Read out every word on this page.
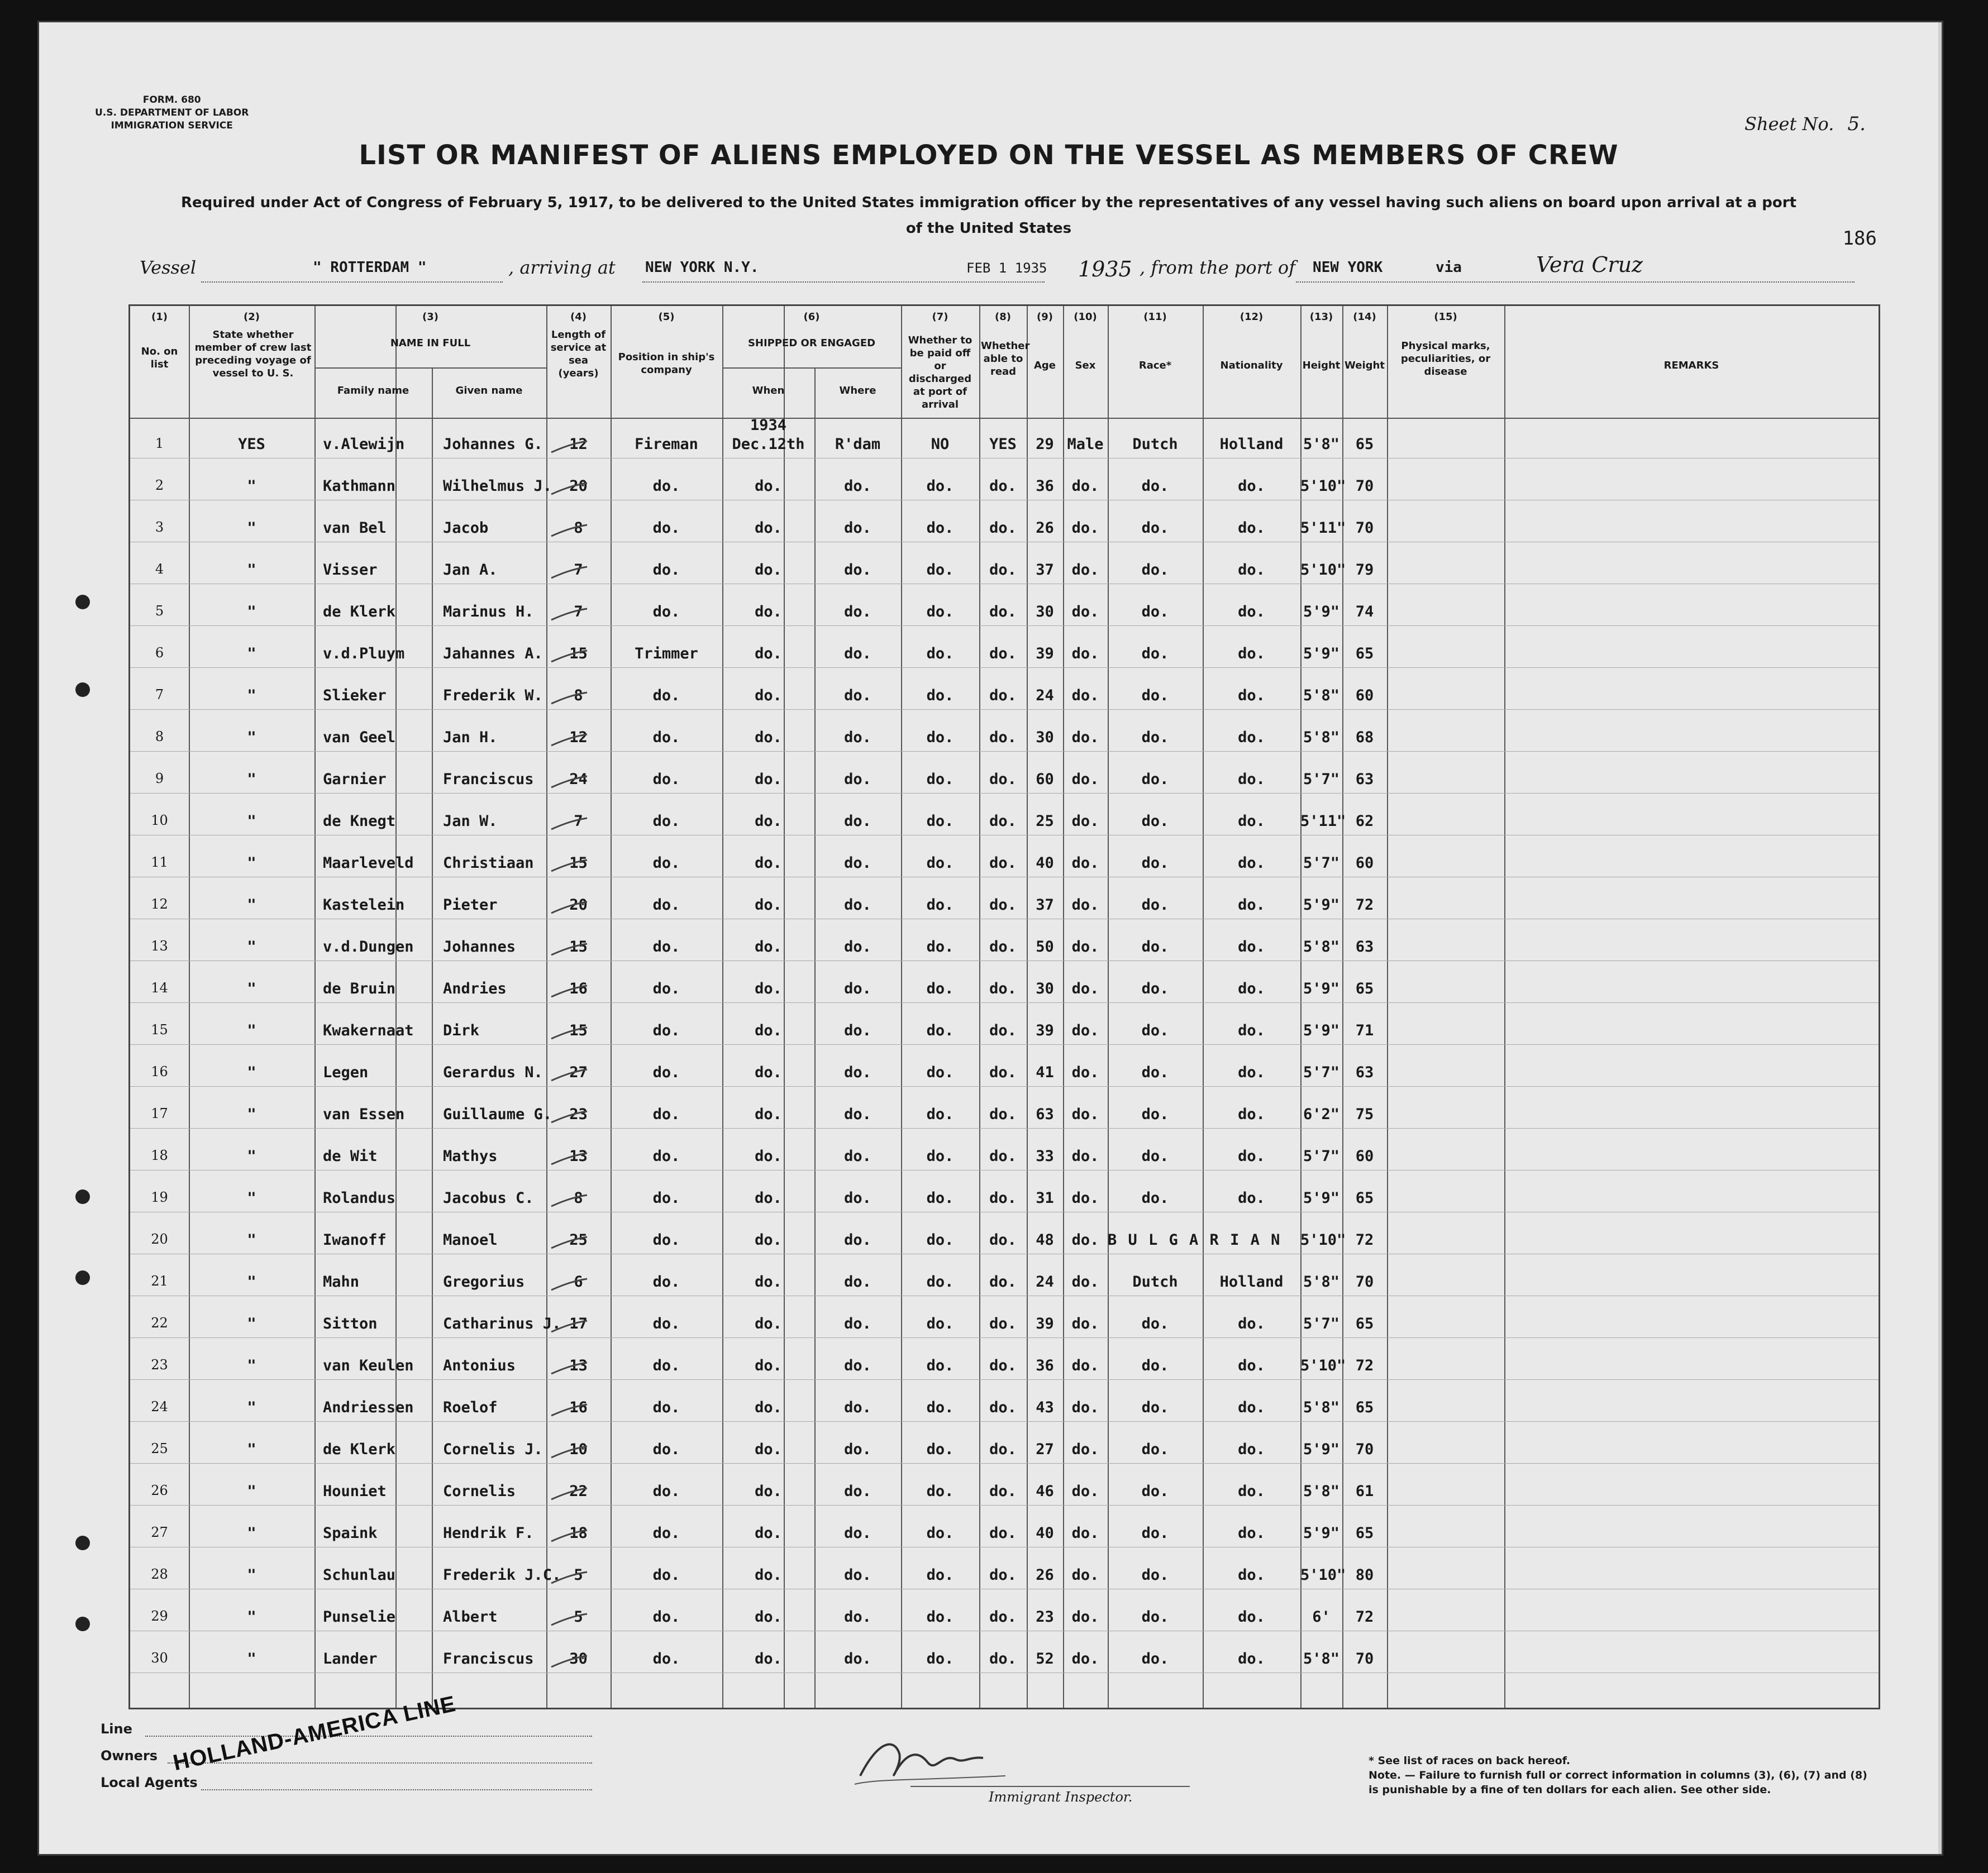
FORM. 680
U.S. DEPARTMENT OF LABOR
IMMIGRATION SERVICE	Sheet No. 5.
LIST OR MANIFEST OF ALIENS EMPLOYED ON THE VESSEL AS MEMBERS OF CREW
Required under Act of Congress of February 5, 1917, to be delivered to the United States immigration officer by the representatives of any vessel having such aliens on board upon arrival at a port
of the United States	186
Vessel	" ROTTERDAM "	, arriving at NEW YORK N.Y.	FEB 1 1935 1935 , from the port of NEW YORK	via	Vera Cruz
(1)	(2)	(3)	(4)	(5)	(6)	(7)	(8)	(9)	(10)	(11)	(12)	(13)	(14)	(15)
No. on list
State whether member of crew last preceding voyage of vessel to U. S.
NAME IN FULL
Family name	Given name
Length of service at sea (years)
Position in ship's company
SHIPPED OR ENGAGED
When	Where
Whether to be paid off or discharged at port of arrival
Whether able to read
Age	Sex	Race*	Nationality	Height Weight
Physical marks, peculiarities, or disease
REMARKS
1934
1	YES	v.Alewijn	Johannes G.	12	Fireman	Dec.12th	R'dam	NO	YES	29 Male	Dutch	Holland	5'8"	65
2	"	Kathmann	Wilhelmus J.	20	do.	do.	do.	do.	do.	36	do.	do.	do.	5'10" 70
3	"	van Bel	Jacob	8	do.	do.	do.	do.	do.	26	do.	do.	do.	5'11" 70
4	"	Visser	Jan A.	7	do.	do.	do.	do.	do.	37	do.	do.	do.	5'10" 79
5	"	de Klerk	Marinus H.	7	do.	do.	do.	do.	do.	30	do.	do.	do.	5'9"	74
6	"	v.d.Pluym	Jahannes A.	15	Trimmer	do.	do.	do.	do.	39	do.	do.	do.	5'9"	65
7	"	Slieker	Frederik W.	8	do.	do.	do.	do.	do.	24	do.	do.	do.	5'8"	60
8	"	van Geel	Jan H.	12	do.	do.	do.	do.	do.	30	do.	do.	do.	5'8"	68
9	"	Garnier	Franciscus	24	do.	do.	do.	do.	do.	60	do.	do.	do.	5'7"	63
10	"	de Knegt	Jan W.	7	do.	do.	do.	do.	do.	25	do.	do.	do.	5'11" 62
11	"	Maarleveld	Christiaan	15	do.	do.	do.	do.	do.	40	do.	do.	do.	5'7"	60
12	"	Kastelein	Pieter	20	do.	do.	do.	do.	do.	37	do.	do.	do.	5'9"	72
13	"	v.d.Dungen	Johannes	15	do.	do.	do.	do.	do.	50	do.	do.	do.	5'8"	63
14	"	de Bruin	Andries	16	do.	do.	do.	do.	do.	30	do.	do.	do.	5'9"	65
15	"	Kwakernaat	Dirk	15	do.	do.	do.	do.	do.	39	do.	do.	do.	5'9"	71
16	"	Legen	Gerardus N.	27	do.	do.	do.	do.	do.	41	do.	do.	do.	5'7"	63
17	"	van Essen	Guillaume G.	23	do.	do.	do.	do.	do.	63	do.	do.	do.	6'2"	75
18	"	de Wit	Mathys	13	do.	do.	do.	do.	do.	33	do.	do.	do.	5'7"	60
19	"	Rolandus	Jacobus C.	8	do.	do.	do.	do.	do.	31	do.	do.	do.	5'9"	65
20	"	Iwanoff	Manoel	25	do.	do.	do.	do.	do.	48	do. B U L G A R I A N	5'10" 72
21	"	Mahn	Gregorius	6	do.	do.	do.	do.	do.	24	do.	Dutch	Holland	5'8"	70
22	"	Sitton	Catharinus J. 17	do.	do.	do.	do.	do.	39	do.	do.	do.	5'7"	65
23	"	van Keulen	Antonius	13	do.	do.	do.	do.	do.	36	do.	do.	do.	5'10" 72
24	"	Andriessen	Roelof	16	do.	do.	do.	do.	do.	43	do.	do.	do.	5'8"	65
25	"	de Klerk	Cornelis J.	10	do.	do.	do.	do.	do.	27	do.	do.	do.	5'9"	70
26	"	Houniet	Cornelis	22	do.	do.	do.	do.	do.	46	do.	do.	do.	5'8"	61
27	"	Spaink	Hendrik F.	18	do.	do.	do.	do.	do.	40	do.	do.	do.	5'9"	65
28	"	Schunlau	Frederik J.C. 5	do.	do.	do.	do.	do.	26	do.	do.	do.	5'10" 80
29	"	Punselie	Albert	5	do.	do.	do.	do.	do.	23	do.	do.	do.	6'	72
30	"	Lander	Franciscus	30	do.	do.	do.	do.	do.	52	do.	do.	do.	5'8"	70
Line
Owners
Local Agents
HOLLAND-AMERICA LINE
Immigrant Inspector.
* See list of races on back hereof.
Note. — Failure to furnish full or correct information in columns (3), (6), (7) and (8)
is punishable by a fine of ten dollars for each alien. See other side.
